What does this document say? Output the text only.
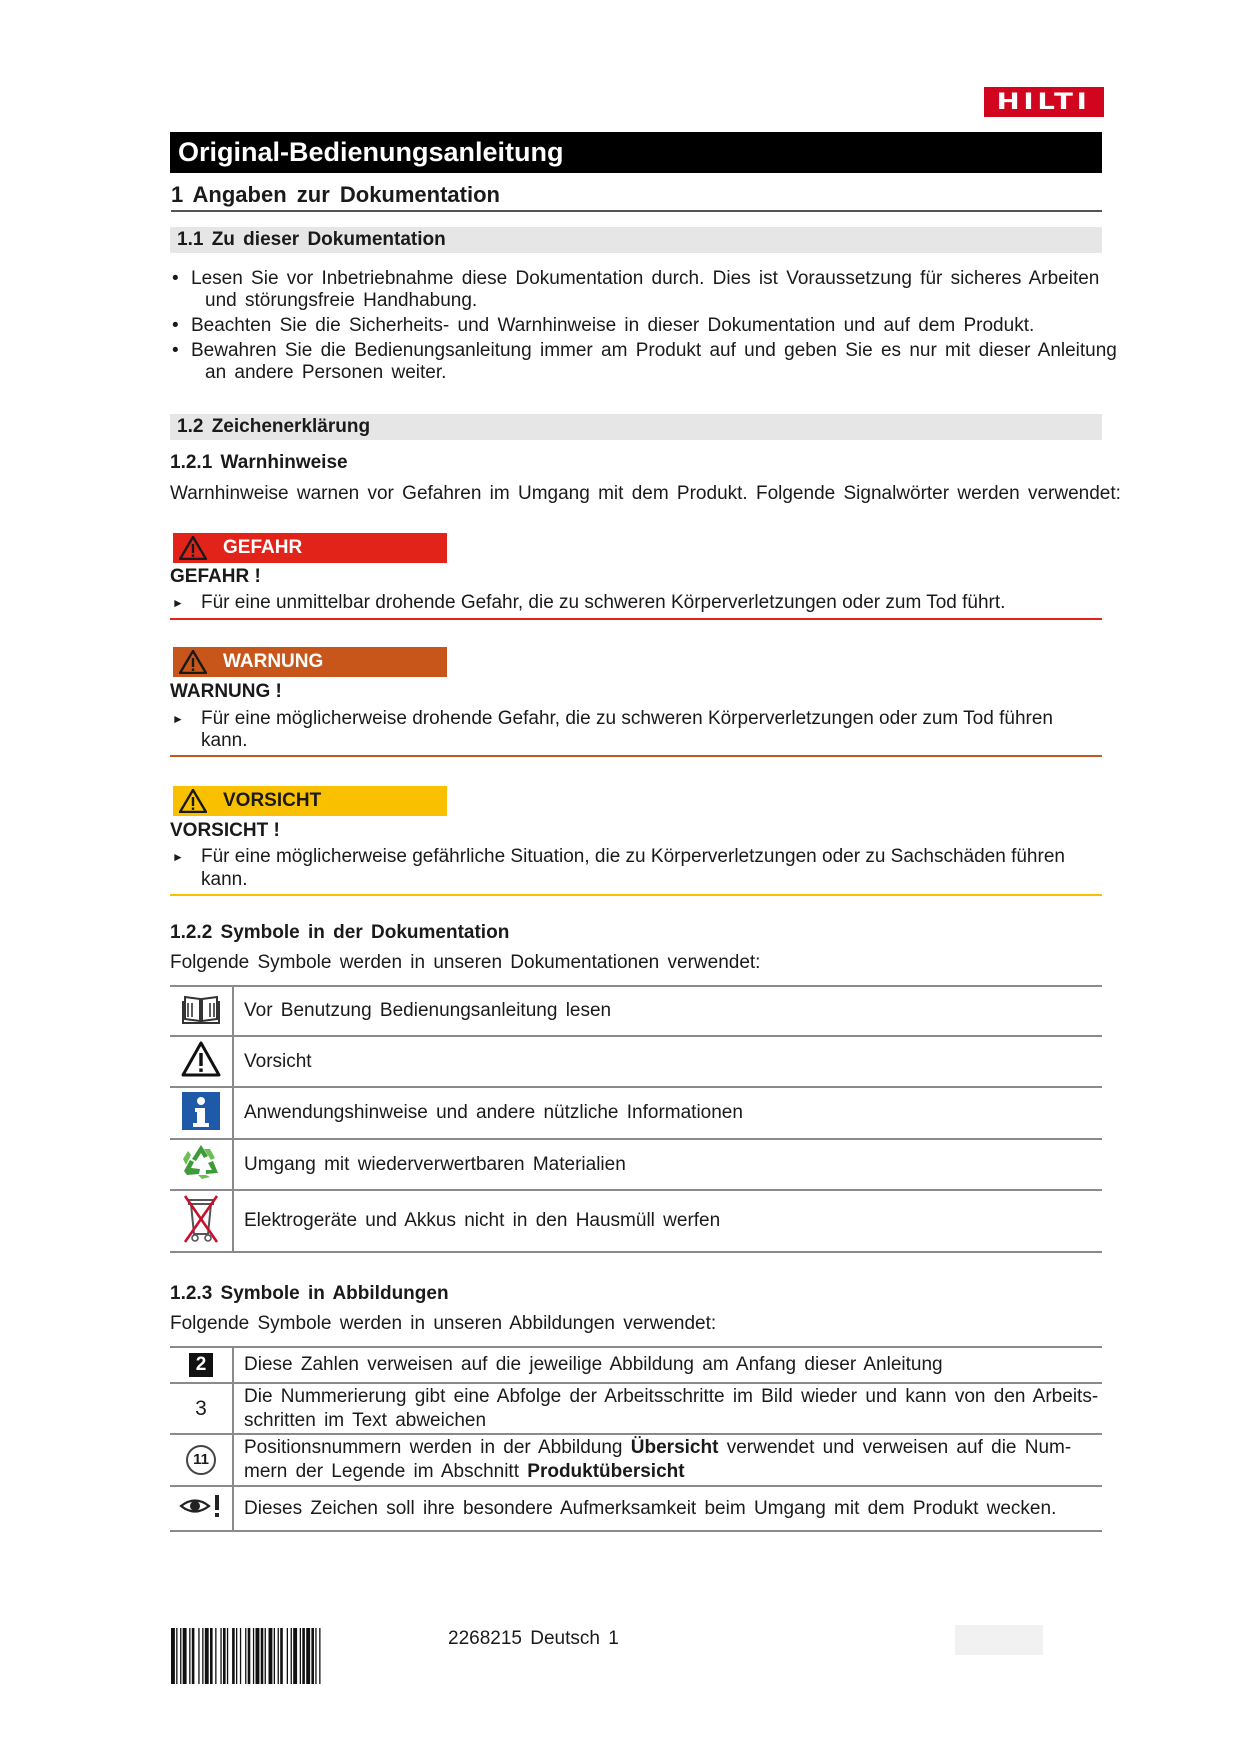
HILTI
Original-Bedienungsanleitung
1 Angaben zur Dokumentation
1.1 Zu dieser Dokumentation
• Lesen Sie vor Inbetriebnahme diese Dokumentation durch. Dies ist Voraussetzung für sicheres Arbeiten
und störungsfreie Handhabung.
• Beachten Sie die Sicherheits- und Warnhinweise in dieser Dokumentation und auf dem Produkt.
• Bewahren Sie die Bedienungsanleitung immer am Produkt auf und geben Sie es nur mit dieser Anleitung
an andere Personen weiter.
1.2 Zeichenerklärung
1.2.1 Warnhinweise
Warnhinweise warnen vor Gefahren im Umgang mit dem Produkt. Folgende Signalwörter werden verwendet:
GEFAHR
GEFAHR !
► Für eine unmittelbar drohende Gefahr, die zu schweren Körperverletzungen oder zum Tod führt.
WARNUNG
WARNUNG !
► Für eine möglicherweise drohende Gefahr, die zu schweren Körperverletzungen oder zum Tod führen
kann.
VORSICHT
VORSICHT !
► Für eine möglicherweise gefährliche Situation, die zu Körperverletzungen oder zu Sachschäden führen
kann.
1.2.2 Symbole in der Dokumentation
Folgende Symbole werden in unseren Dokumentationen verwendet:
	Vor Benutzung Bedienungsanleitung lesen
	Vorsicht
	Anwendungshinweise und andere nützliche Informationen
	Umgang mit wiederverwertbaren Materialien
	Elektrogeräte und Akkus nicht in den Hausmüll werfen
1.2.3 Symbole in Abbildungen
Folgende Symbole werden in unseren Abbildungen verwendet:
2	Diese Zahlen verweisen auf die jeweilige Abbildung am Anfang dieser Anleitung
3	Die Nummerierung gibt eine Abfolge der Arbeitsschritte im Bild wieder und kann von den Arbeits-
schritten im Text abweichen

11	Positionsnummern werden in der Abbildung Übersicht verwendet und verweisen auf die Num-
mern der Legende im Abschnitt Produktübersicht

	Dieses Zeichen soll ihre besondere Aufmerksamkeit beim Umgang mit dem Produkt wecken.
2268215 Deutsch 1
